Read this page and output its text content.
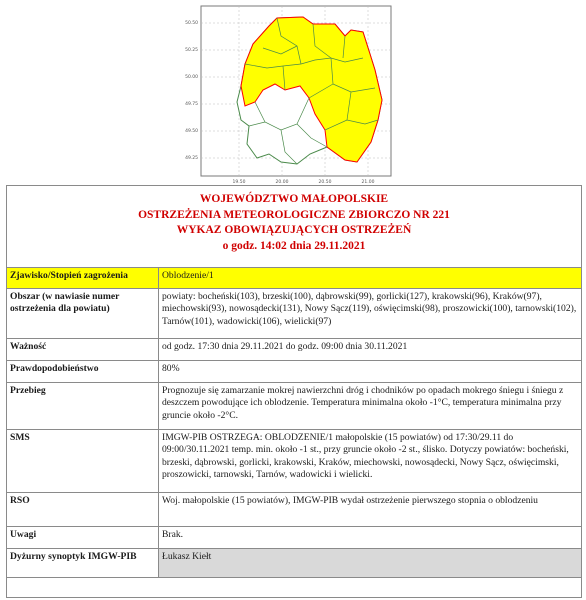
50.50
50.25
50.00
49.75
49.50
49.25
19.50	20.00	20.50	21.00
WOJEWÓDZTWO MAŁOPOLSKIE
OSTRZEŻENIA METEOROLOGICZNE ZBIORCZO NR 221
WYKAZ OBOWIĄZUJĄCYCH OSTRZEŻEŃ
o godz. 14:02 dnia 29.11.2021
Zjawisko/Stopień zagrożenia	Oblodzenie/1
Obszar (w nawiasie numer ostrzeżenia dla powiatu)	powiaty: bocheński(103), brzeski(100), dąbrowski(99), gorlicki(127), krakowski(96), Kraków(97), miechowski(93), nowosądecki(131), Nowy Sącz(119), oświęcimski(98), proszowicki(100), tarnowski(102), Tarnów(101), wadowicki(106), wielicki(97)
Ważność	od godz. 17:30 dnia 29.11.2021 do godz. 09:00 dnia 30.11.2021
Prawdopodobieństwo	80%
Przebieg	Prognozuje się zamarzanie mokrej nawierzchni dróg i chodników po opadach mokrego śniegu i śniegu z deszczem powodujące ich oblodzenie. Temperatura minimalna około -1°C, temperatura minimalna przy gruncie około -2°C.
SMS	IMGW-PIB OSTRZEGA: OBLODZENIE/1 małopolskie (15 powiatów) od 17:30/29.11 do 09:00/30.11.2021 temp. min. około -1 st., przy gruncie około -2 st., ślisko. Dotyczy powiatów: bocheński, brzeski, dąbrowski, gorlicki, krakowski, Kraków, miechowski, nowosądecki, Nowy Sącz, oświęcimski, proszowicki, tarnowski, Tarnów, wadowicki i wielicki.
RSO	Woj. małopolskie (15 powiatów), IMGW-PIB wydał ostrzeżenie pierwszego stopnia o oblodzeniu
Uwagi	Brak.
Dyżurny synoptyk IMGW-PIB	Łukasz Kiełt
